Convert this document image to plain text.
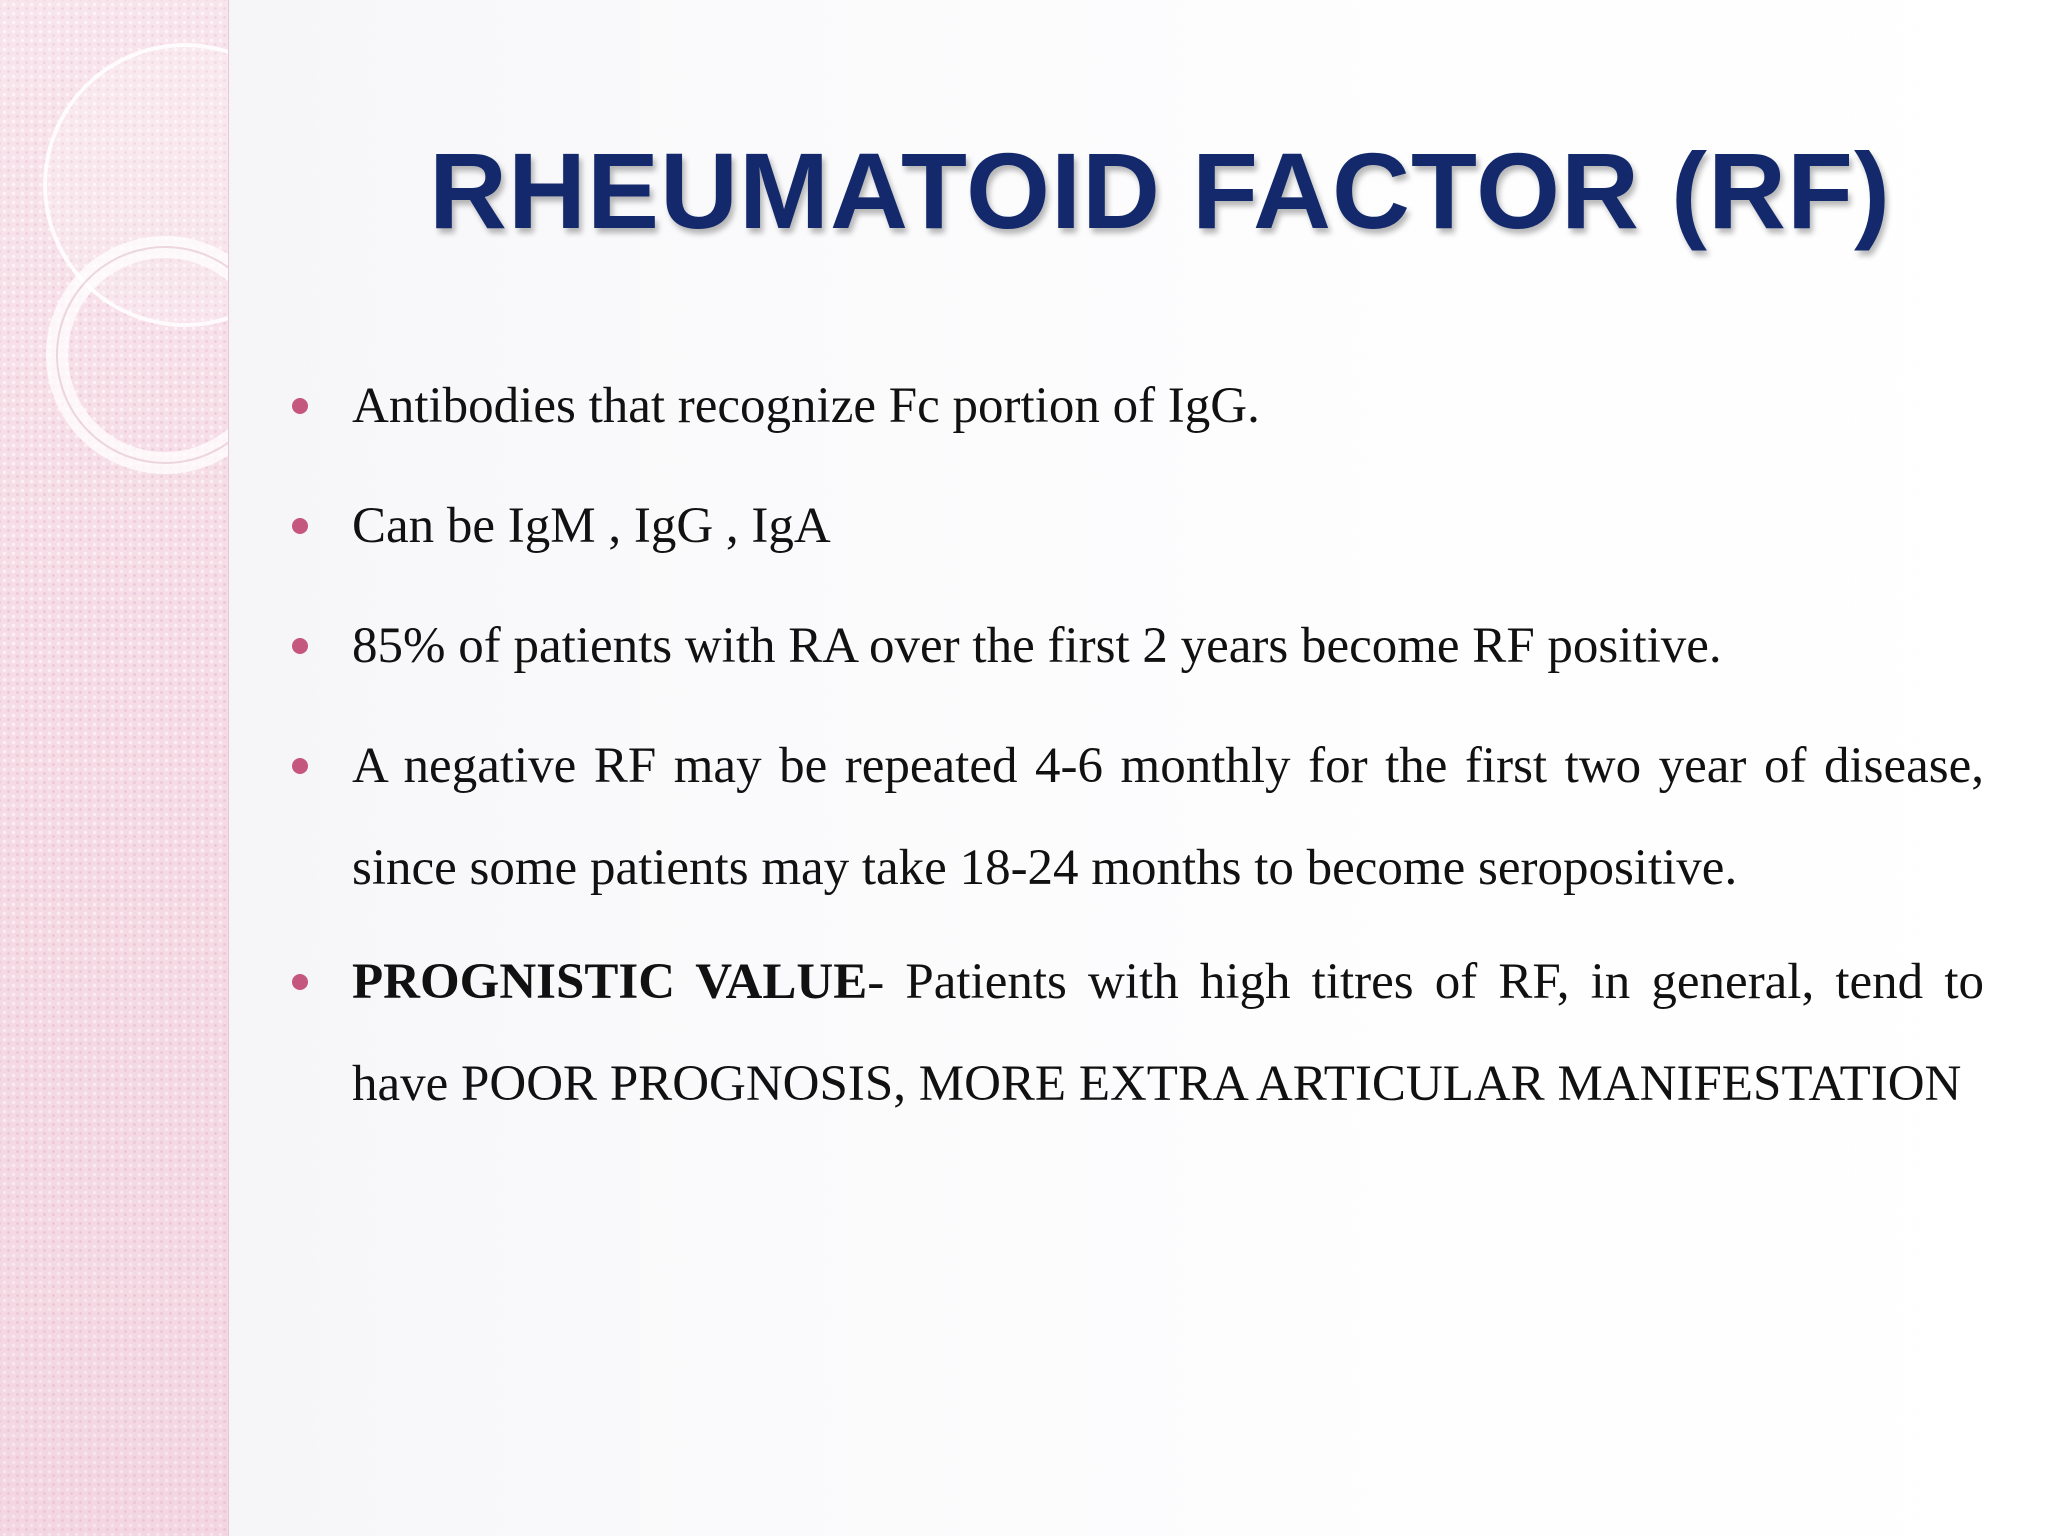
RHEUMATOID FACTOR (RF)
Antibodies that recognize Fc portion of IgG.
Can be IgM , IgG , IgA
85% of patients with RA over the first 2 years become RF positive.
A negative RF may be repeated 4-6 monthly for the first two year of disease, since some patients may take 18-24 months to become seropositive.
PROGNISTIC VALUE- Patients with high titres of RF, in general, tend to have POOR PROGNOSIS, MORE EXTRA ARTICULAR MANIFESTATION
